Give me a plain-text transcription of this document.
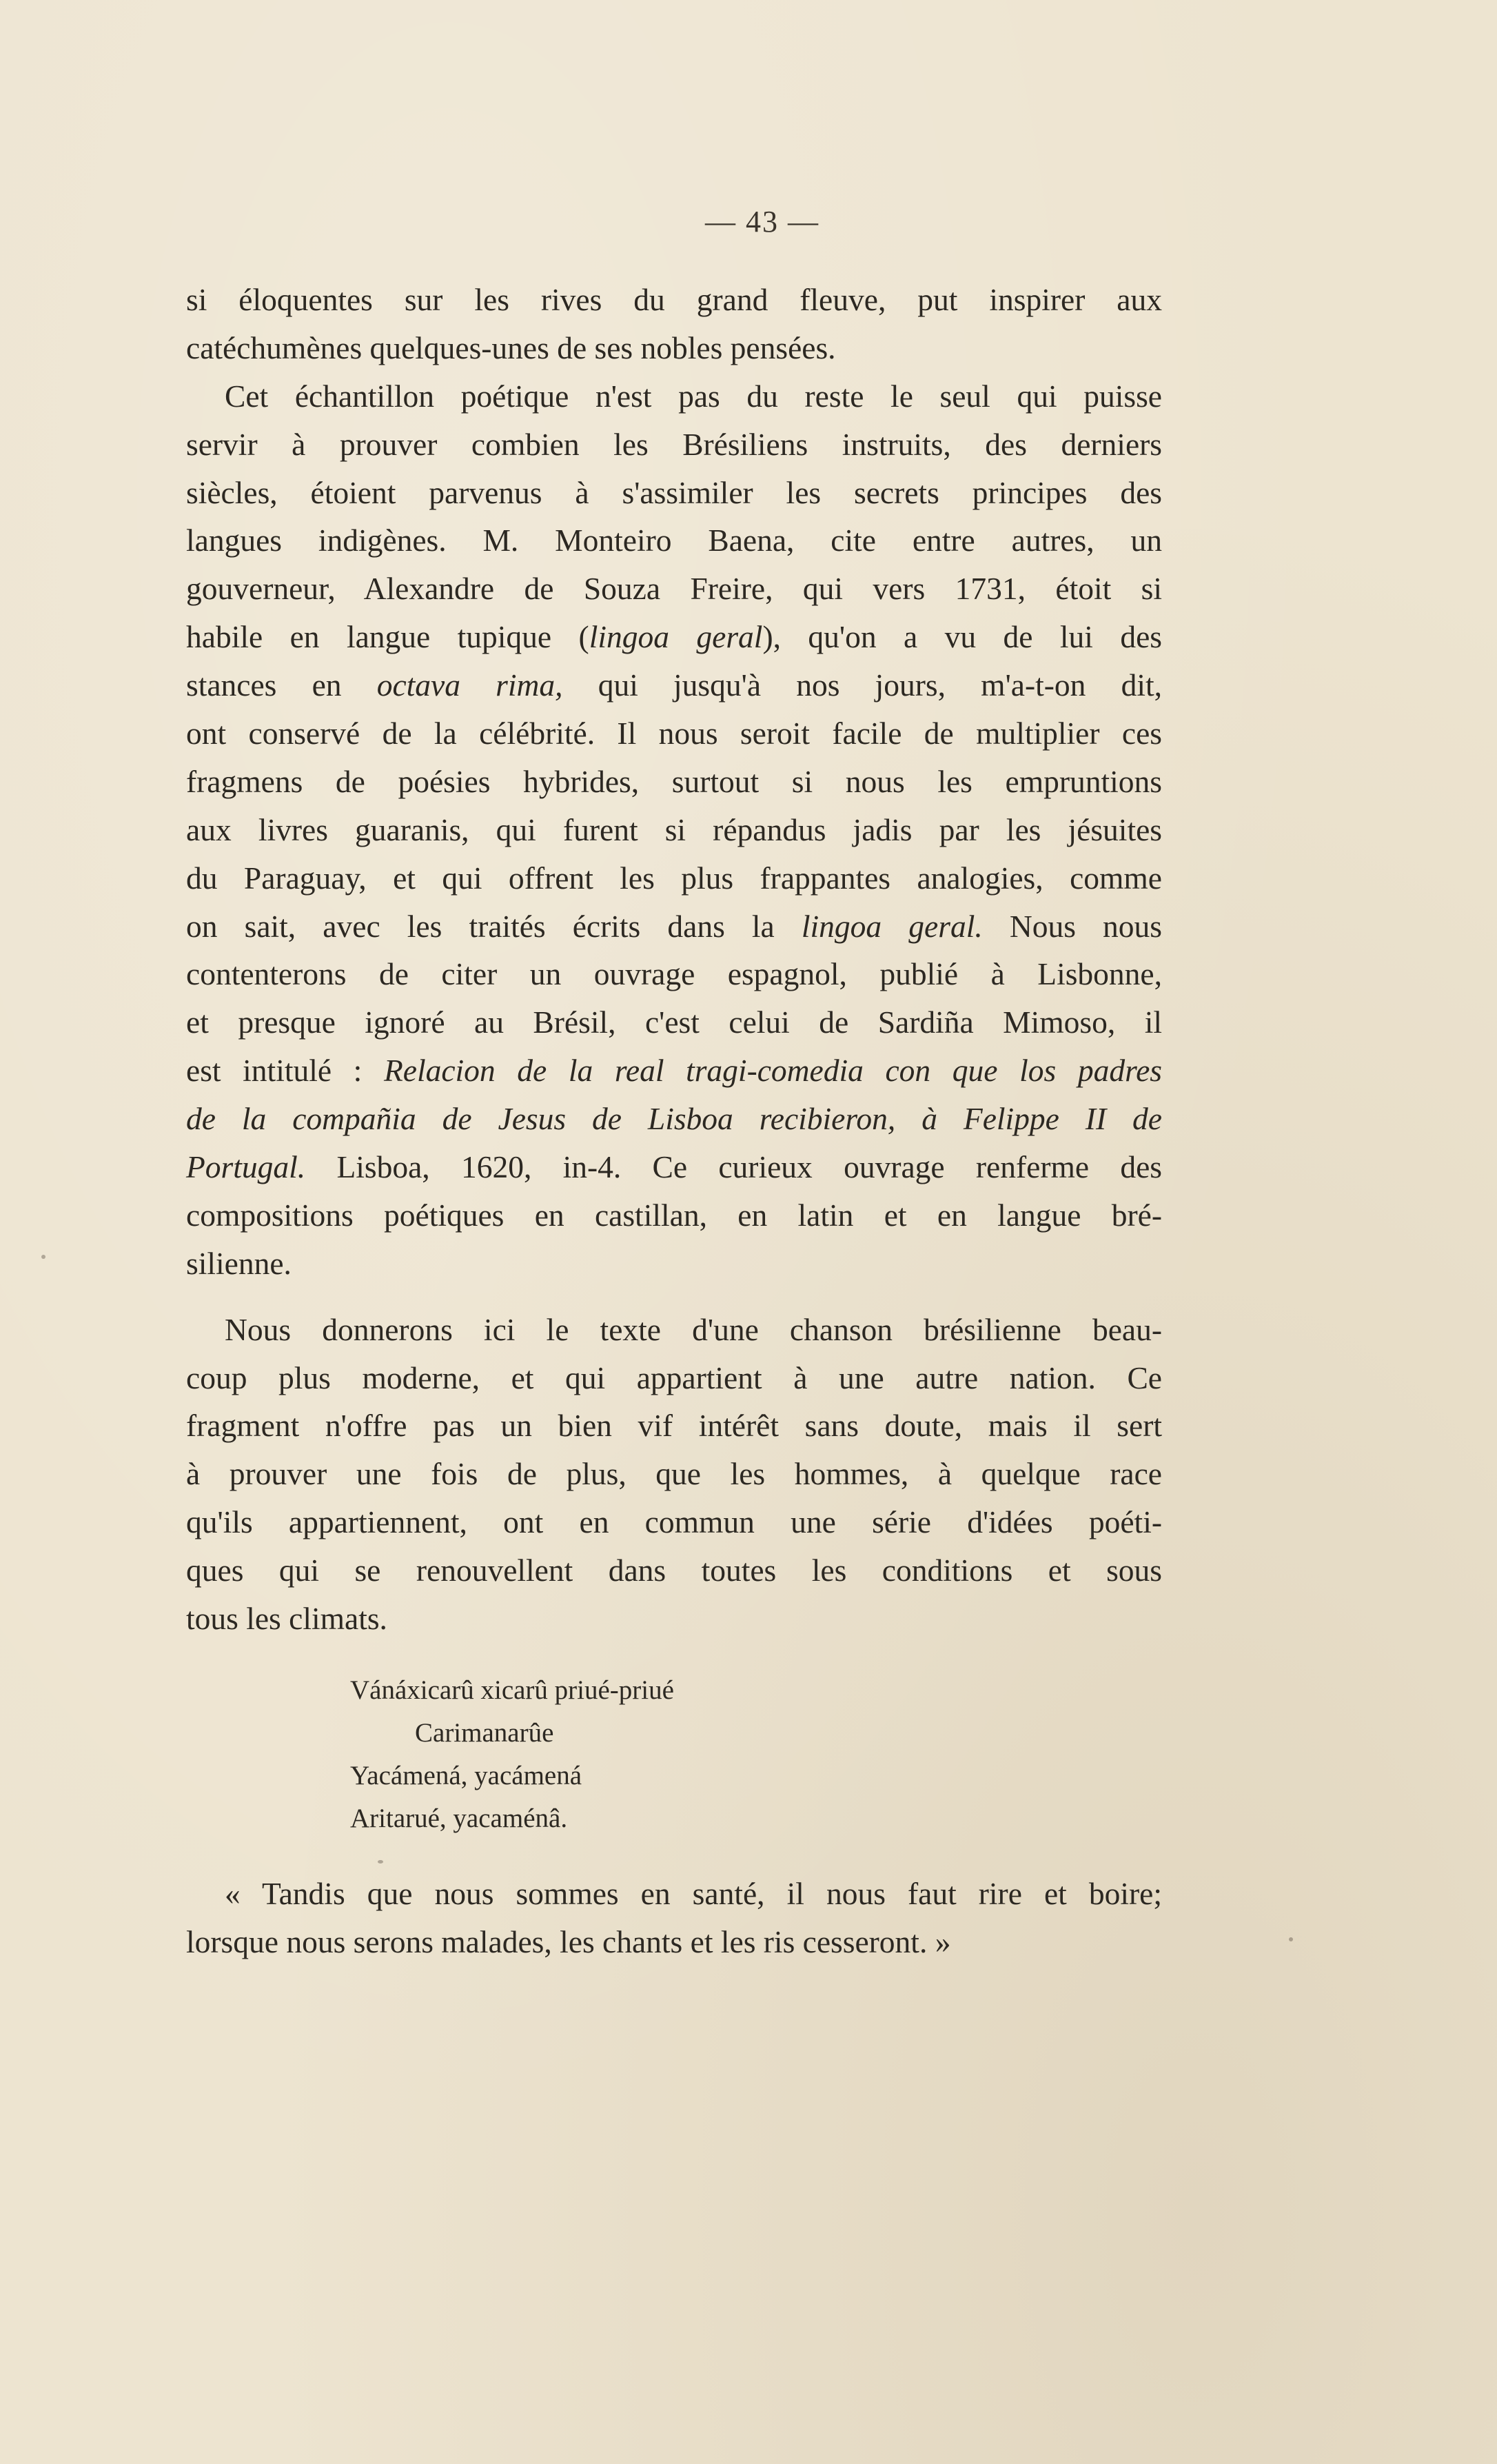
— 43 —
si éloquentes sur les rives du grand fleuve, put inspirer aux
catéchumènes quelques-unes de ses nobles pensées.
Cet échantillon poétique n'est pas du reste le seul qui puisse
servir à prouver combien les Brésiliens instruits, des derniers
siècles, étoient parvenus à s'assimiler les secrets principes des
langues indigènes. M. Monteiro Baena, cite entre autres, un
gouverneur, Alexandre de Souza Freire, qui vers 1731, étoit si
habile en langue tupique (lingoa geral), qu'on a vu de lui des
stances en octava rima, qui jusqu'à nos jours, m'a-t-on dit,
ont conservé de la célébrité. Il nous seroit facile de multiplier ces
fragmens de poésies hybrides, surtout si nous les empruntions
aux livres guaranis, qui furent si répandus jadis par les jésuites
du Paraguay, et qui offrent les plus frappantes analogies, comme
on sait, avec les traités écrits dans la lingoa geral. Nous nous
contenterons de citer un ouvrage espagnol, publié à Lisbonne,
et presque ignoré au Brésil, c'est celui de Sardiña Mimoso, il
est intitulé : Relacion de la real tragi-comedia con que los padres
de la compañia de Jesus de Lisboa recibieron, à Felippe II de
Portugal. Lisboa, 1620, in-4. Ce curieux ouvrage renferme des
compositions poétiques en castillan, en latin et en langue bré-
silienne.
Nous donnerons ici le texte d'une chanson brésilienne beau-
coup plus moderne, et qui appartient à une autre nation. Ce
fragment n'offre pas un bien vif intérêt sans doute, mais il sert
à prouver une fois de plus, que les hommes, à quelque race
qu'ils appartiennent, ont en commun une série d'idées poéti-
ques qui se renouvellent dans toutes les conditions et sous
tous les climats.
Vánáxicarû xicarû priué-priué
Carimanarûe
Yacámená, yacámená
Aritarué, yacaménâ.
« Tandis que nous sommes en santé, il nous faut rire et boire;
lorsque nous serons malades, les chants et les ris cesseront. »
